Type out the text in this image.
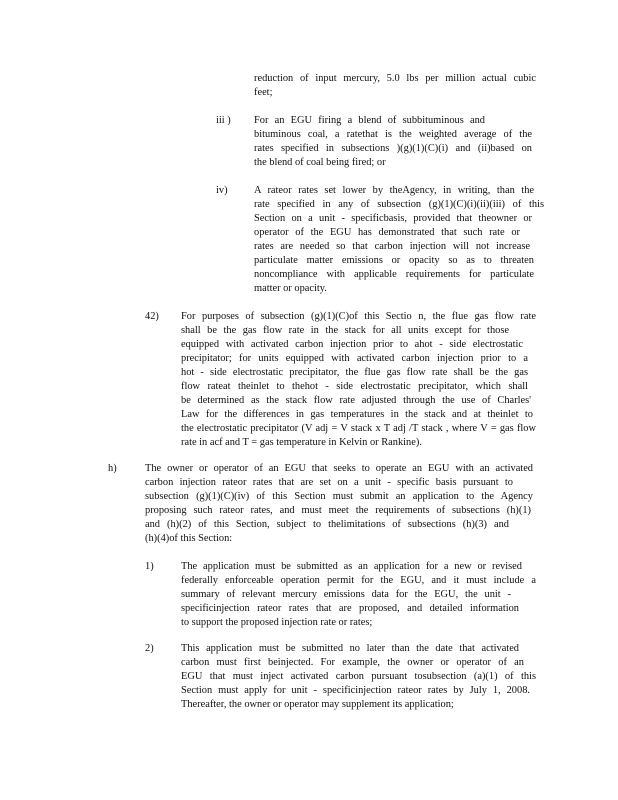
reduction of input mercury, 5.0 lbs per million actual cubic
feet;
iii ) For an EGU firing a blend of subbituminous and
bituminous coal, a ratethat is the weighted average of the
rates specified in subsections )(g)(1)(C)(i) and (ii)based on
the blend of coal being fired; or
iv)	A rateor rates set lower by theAgency, in writing, than the
rate specified in any of subsection (g)(1)(C)(i)(ii)(iii) of this
Section on a unit - specificbasis, provided that theowner or
operator of the EGU has demonstrated that such rate or
rates are needed so that carbon injection will not increase
particulate matter emissions or opacity so as to threaten
noncompliance with applicable requirements for particulate
matter or opacity.
42) For purposes of subsection (g)(1)(C)of this Sectio n, the flue gas flow rate
shall be the gas flow rate in the stack for all units except for those
equipped with activated carbon injection prior to ahot - side electrostatic
precipitator; for units equipped with activated carbon injection prior to a
hot - side electrostatic precipitator, the flue gas flow rate shall be the gas
flow rateat theinlet to thehot - side electrostatic precipitator, which shall
be determined as the stack flow rate adjusted through the use of Charles'
Law for the differences in gas temperatures in the stack and at theinlet to
the electrostatic precipitator (V adj = V stack x T adj /T stack , where V = gas flow
rate in acf and T = gas temperature in Kelvin or Rankine).
h)	The owner or operator of an EGU that seeks to operate an EGU with an activated
carbon injection rateor rates that are set on a unit - specific basis pursuant to
subsection (g)(1)(C)(iv) of this Section must submit an application to the Agency
proposing such rateor rates, and must meet the requirements of subsections (h)(1)
and (h)(2) of this Section, subject to thelimitations of subsections (h)(3) and
(h)(4)of this Section:
1)	The application must be submitted as an application for a new or revised
federally enforceable operation permit for the EGU, and it must include a
summary of relevant mercury emissions data for the EGU, the unit -
specificinjection rateor rates that are proposed, and detailed information
to support the proposed injection rate or rates;
2)	This application must be submitted no later than the date that activated
carbon must first beinjected. For example, the owner or operator of an
EGU that must inject activated carbon pursuant tosubsection (a)(1) of this
Section must apply for unit - specificinjection rateor rates by July 1, 2008.
Thereafter, the owner or operator may supplement its application;
